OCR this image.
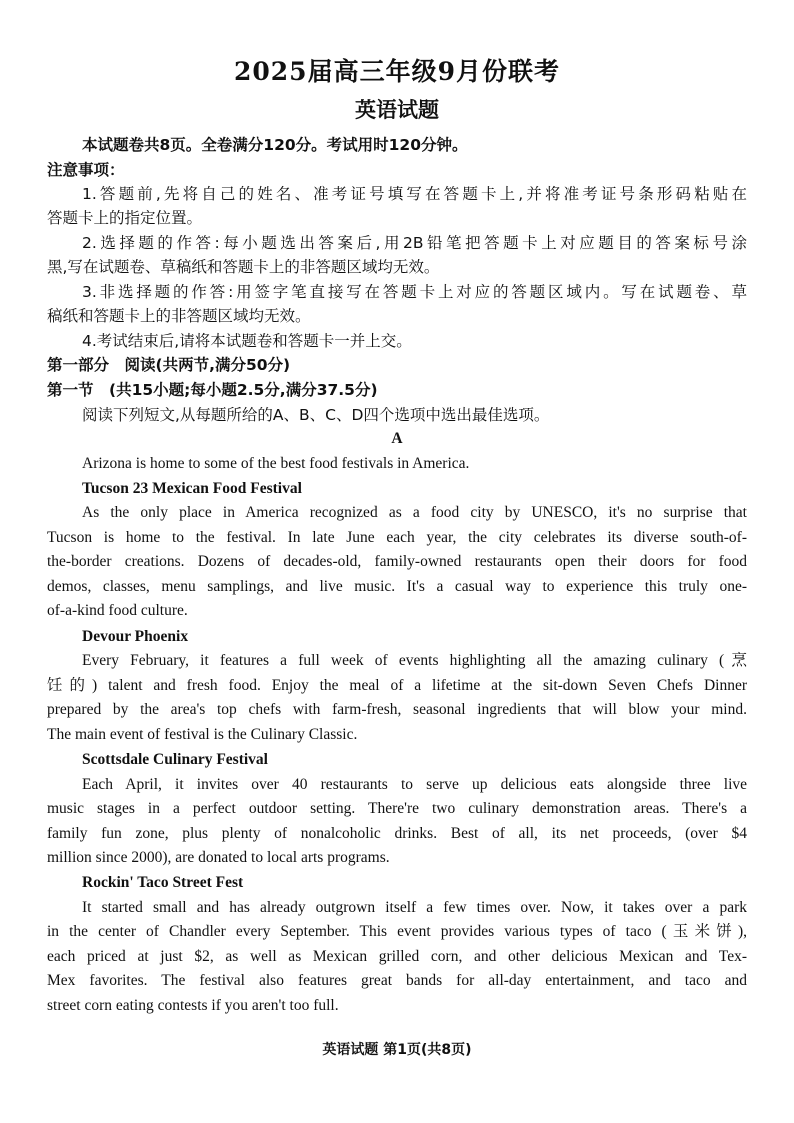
2025届高三年级9月份联考
英语试题
本试题卷共8页。全卷满分120分。考试用时120分钟。
注意事项：
1.答题前,先将自己的姓名、准考证号填写在答题卡上,并将准考证号条形码粘贴在
答题卡上的指定位置。
2.选择题的作答:每小题选出答案后,用2B铅笔把答题卡上对应题目的答案标号涂
黑,写在试题卷、草稿纸和答题卡上的非答题区域均无效。
3.非选择题的作答:用签字笔直接写在答题卡上对应的答题区域内。写在试题卷、草
稿纸和答题卡上的非答题区域均无效。
4.考试结束后,请将本试题卷和答题卡一并上交。
第一部分　阅读(共两节,满分50分)
第一节　(共15小题;每小题2.5分,满分37.5分)
阅读下列短文,从每题所给的A、B、C、D四个选项中选出最佳选项。
A
Arizona is home to some of the best food festivals in America.
Tucson 23 Mexican Food Festival
As the only place in America recognized as a food city by UNESCO, it's no surprise that
Tucson is home to the festival. In late June each year, the city celebrates its diverse south-of-
the-border creations. Dozens of decades-old, family-owned restaurants open their doors for food
demos, classes, menu samplings, and live music. It's a casual way to experience this truly one-
of-a-kind food culture.
Devour Phoenix
Every February, it features a full week of events highlighting all the amazing culinary (烹
饪的) talent and fresh food. Enjoy the meal of a lifetime at the sit-down Seven Chefs Dinner
prepared by the area's top chefs with farm-fresh, seasonal ingredients that will blow your mind.
The main event of festival is the Culinary Classic.
Scottsdale Culinary Festival
Each April, it invites over 40 restaurants to serve up delicious eats alongside three live
music stages in a perfect outdoor setting. There're two culinary demonstration areas. There's a
family fun zone, plus plenty of nonalcoholic drinks. Best of all, its net proceeds, (over $4
million since 2000), are donated to local arts programs.
Rockin' Taco Street Fest
It started small and has already outgrown itself a few times over. Now, it takes over a park
in the center of Chandler every September. This event provides various types of taco (玉米饼),
each priced at just $2, as well as Mexican grilled corn, and other delicious Mexican and Tex-
Mex favorites. The festival also features great bands for all-day entertainment, and taco and
street corn eating contests if you aren't too full.
英语试题 第1页(共8页)
